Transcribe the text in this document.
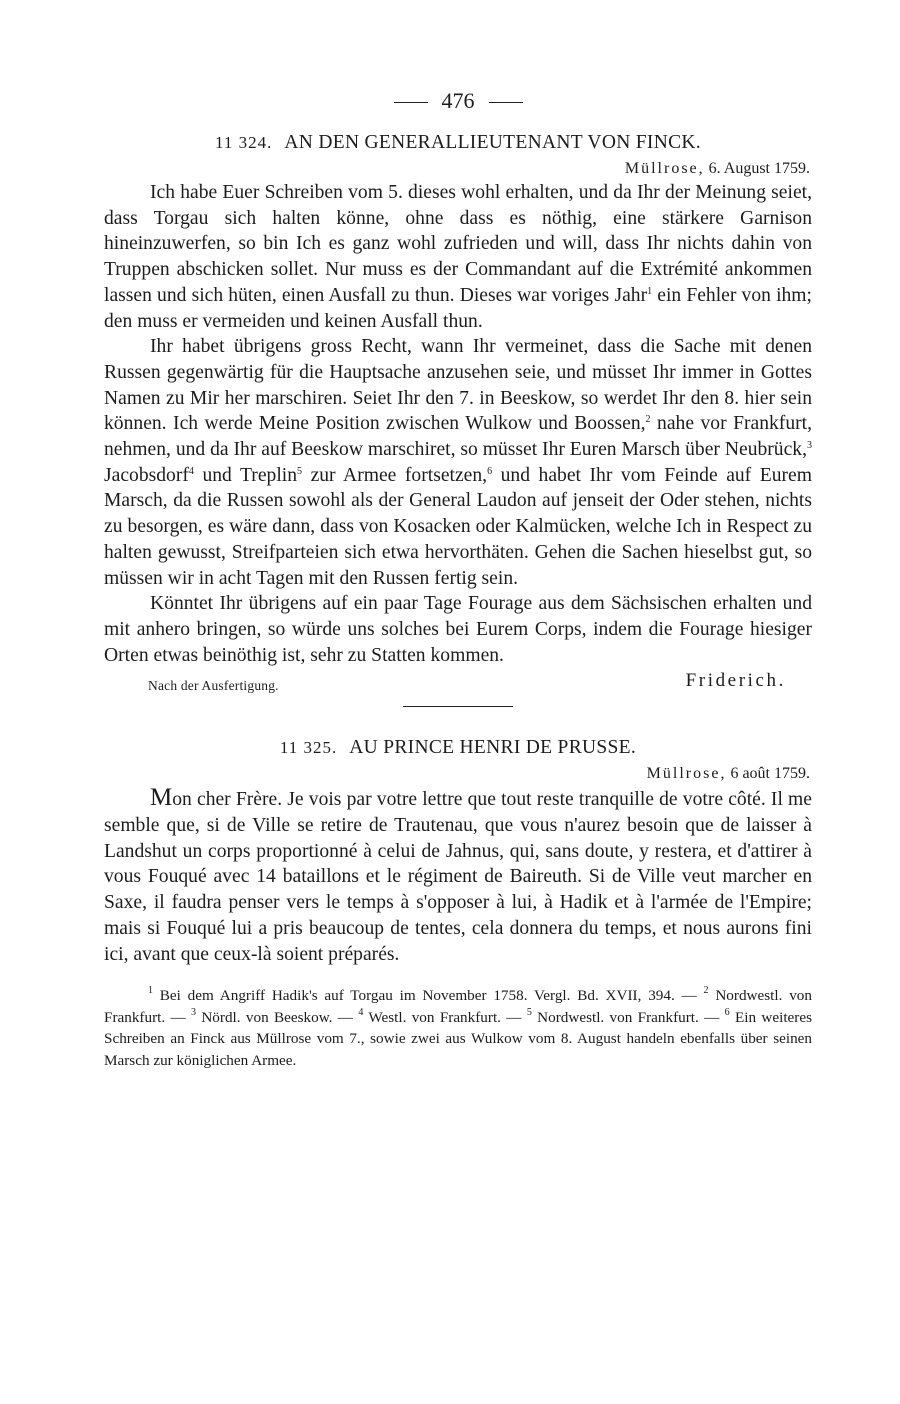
476
11 324. AN DEN GENERALLIEUTENANT VON FINCK.
Müllrose, 6. August 1759.

Ich habe Euer Schreiben vom 5. dieses wohl erhalten, und da Ihr der Meinung seiet, dass Torgau sich halten könne, ohne dass es nöthig, eine stärkere Garnison hineinzuwerfen, so bin Ich es ganz wohl zufrieden und will, dass Ihr nichts dahin von Truppen abschicken sollet. Nur muss es der Commandant auf die Extrémité ankommen lassen und sich hüten, einen Ausfall zu thun. Dieses war voriges Jahr$^1$ ein Fehler von ihm; den muss er vermeiden und keinen Ausfall thun.

Ihr habet übrigens gross Recht, wann Ihr vermeinet, dass die Sache mit denen Russen gegenwärtig für die Hauptsache anzusehen seie, und müsset Ihr immer in Gottes Namen zu Mir her marschiren. Seiet Ihr den 7. in Beeskow, so werdet Ihr den 8. hier sein können. Ich werde Meine Position zwischen Wulkow und Boossen,$^2$ nahe vor Frankfurt, nehmen, und da Ihr auf Beeskow marschiret, so müsset Ihr Euren Marsch über Neubrück,$^3$ Jacobsdorf$^4$ und Treplin$^5$ zur Armee fortsetzen,$^6$ und habet Ihr vom Feinde auf Eurem Marsch, da die Russen sowohl als der General Laudon auf jenseit der Oder stehen, nichts zu besorgen, es wäre dann, dass von Kosacken oder Kalmücken, welche Ich in Respect zu halten gewusst, Streifparteien sich etwa hervorthäten. Gehen die Sachen hieselbst gut, so müssen wir in acht Tagen mit den Russen fertig sein.

Könntet Ihr übrigens auf ein paar Tage Fourage aus dem Sächsischen erhalten und mit anhero bringen, so würde uns solches bei Eurem Corps, indem die Fourage hiesiger Orten etwas beinöthig ist, sehr zu Statten kommen.

Nach der Ausfertigung.	Friderich.
11 325. AU PRINCE HENRI DE PRUSSE.
Müllrose, 6 août 1759.

Mon cher Frère. Je vois par votre lettre que tout reste tranquille de votre côté. Il me semble que, si de Ville se retire de Trautenau, que vous n'aurez besoin que de laisser à Landshut un corps proportionné à celui de Jahnus, qui, sans doute, y restera, et d'attirer à vous Fouqué avec 14 bataillons et le régiment de Baireuth. Si de Ville veut marcher en Saxe, il faudra penser vers le temps à s'opposer à lui, à Hadik et à l'armée de l'Empire; mais si Fouqué lui a pris beaucoup de tentes, cela donnera du temps, et nous aurons fini ici, avant que ceux-là soient préparés.

$^1$ Bei dem Angriff Hadik's auf Torgau im November 1758. Vergl. Bd. XVII, 394. — $^2$ Nordwestl. von Frankfurt. — $^3$ Nördl. von Beeskow. — $^4$ Westl. von Frankfurt. — $^5$ Nordwestl. von Frankfurt. — $^6$ Ein weiteres Schreiben an Finck aus Müllrose vom 7., sowie zwei aus Wulkow vom 8. August handeln ebenfalls über seinen Marsch zur königlichen Armee.
